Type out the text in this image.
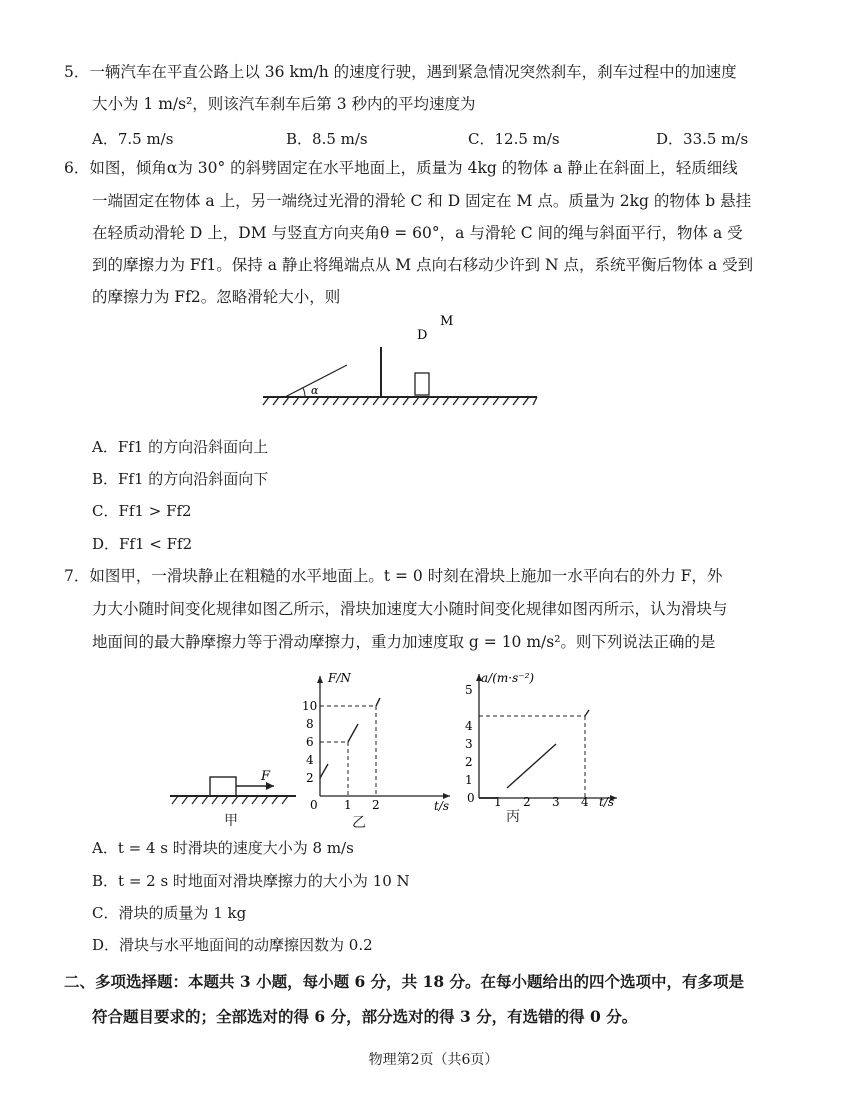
5．一辆汽车在平直公路上以 36 km/h 的速度行驶，遇到紧急情况突然刹车，刹车过程中的加速度
大小为 1 m/s²，则该汽车刹车后第 3 秒内的平均速度为
A．7.5 m/s	B．8.5 m/s	C．12.5 m/s	D．33.5 m/s
6．如图，倾角α为 30° 的斜劈固定在水平地面上，质量为 4kg 的物体 a 静止在斜面上，轻质细线
一端固定在物体 a 上，另一端绕过光滑的滑轮 C 和 D 固定在 M 点。质量为 2kg 的物体 b 悬挂
在轻质动滑轮 D 上，DM 与竖直方向夹角θ = 60°，a 与滑轮 C 间的绳与斜面平行，物体 a 受
到的摩擦力为 Ff1。保持 a 静止将绳端点从 M 点向右移动少许到 N 点，系统平衡后物体 a 受到
的摩擦力为 Ff2。忽略滑轮大小，则
α
D
M
A．Ff1 的方向沿斜面向上
B．Ff1 的方向沿斜面向下
C．Ff1 > Ff2
D．Ff1 < Ff2
7．如图甲，一滑块静止在粗糙的水平地面上。t = 0 时刻在滑块上施加一水平向右的外力 F，外
力大小随时间变化规律如图乙所示，滑块加速度大小随时间变化规律如图丙所示，认为滑块与
地面间的最大静摩擦力等于滑动摩擦力，重力加速度取 g = 10 m/s²。则下列说法正确的是
F
甲
F/N
t/s
2
4
6
8
10
0 1 2
乙
a/(m·s⁻²)
t/s
1
2
3
4
5
0 1 2 3 4
丙
A．t = 4 s 时滑块的速度大小为 8 m/s
B．t = 2 s 时地面对滑块摩擦力的大小为 10 N
C．滑块的质量为 1 kg
D．滑块与水平地面间的动摩擦因数为 0.2
二、多项选择题：本题共 3 小题，每小题 6 分，共 18 分。在每小题给出的四个选项中，有多项是
符合题目要求的；全部选对的得 6 分，部分选对的得 3 分，有选错的得 0 分。
物理第2页（共6页）
